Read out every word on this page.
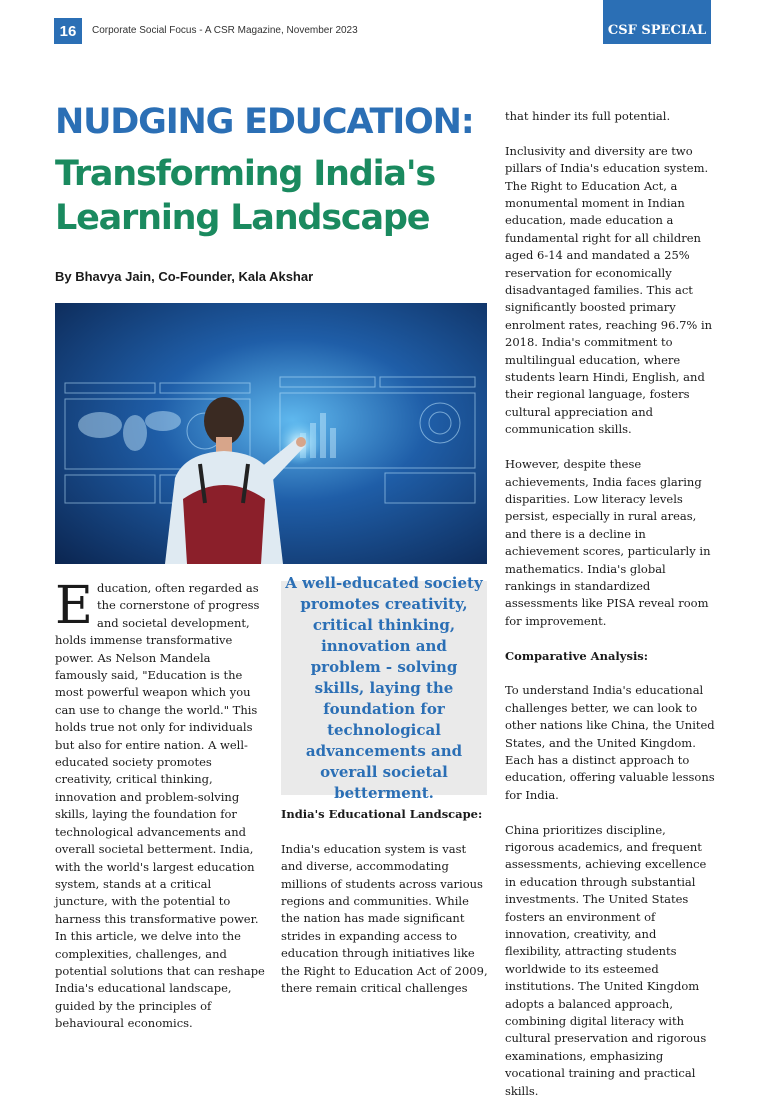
16	Corporate Social Focus - A CSR Magazine, November 2023	CSF SPECIAL
NUDGING EDUCATION:
Transforming India's Learning Landscape
By Bhavya Jain, Co-Founder, Kala Akshar

Education, often regarded as the cornerstone of progress and societal development, holds immense transformative power. As Nelson Mandela famously said, "Education is the most powerful weapon which you can use to change the world." This holds true not only for individuals but also for entire nation. A well-educated society promotes creativity, critical thinking, innovation and problem-solving skills, laying the foundation for technological advancements and overall societal betterment. India, with the world's largest education system, stands at a critical juncture, with the potential to harness this transformative power. In this article, we delve into the complexities, challenges, and potential solutions that can reshape India's educational landscape, guided by the principles of behavioural economics.

A well-educated society promotes creativity, critical thinking, innovation and problem - solving skills, laying the foundation for technological advancements and overall societal betterment.

India's Educational Landscape:

India's education system is vast and diverse, accommodating millions of students across various regions and communities. While the nation has made significant strides in expanding access to education through initiatives like the Right to Education Act of 2009, there remain critical challenges

that hinder its full potential.

Inclusivity and diversity are two pillars of India's education system. The Right to Education Act, a monumental moment in Indian education, made education a fundamental right for all children aged 6-14 and mandated a 25% reservation for economically disadvantaged families. This act significantly boosted primary enrolment rates, reaching 96.7% in 2018. India's commitment to multilingual education, where students learn Hindi, English, and their regional language, fosters cultural appreciation and communication skills.

However, despite these achievements, India faces glaring disparities. Low literacy levels persist, especially in rural areas, and there is a decline in achievement scores, particularly in mathematics. India's global rankings in standardized assessments like PISA reveal room for improvement.

Comparative Analysis:

To understand India's educational challenges better, we can look to other nations like China, the United States, and the United Kingdom. Each has a distinct approach to education, offering valuable lessons for India.

China prioritizes discipline, rigorous academics, and frequent assessments, achieving excellence in education through substantial investments. The United States fosters an environment of innovation, creativity, and flexibility, attracting students worldwide to its esteemed institutions. The United Kingdom adopts a balanced approach, combining digital literacy with cultural preservation and rigorous examinations, emphasizing vocational training and practical skills.
